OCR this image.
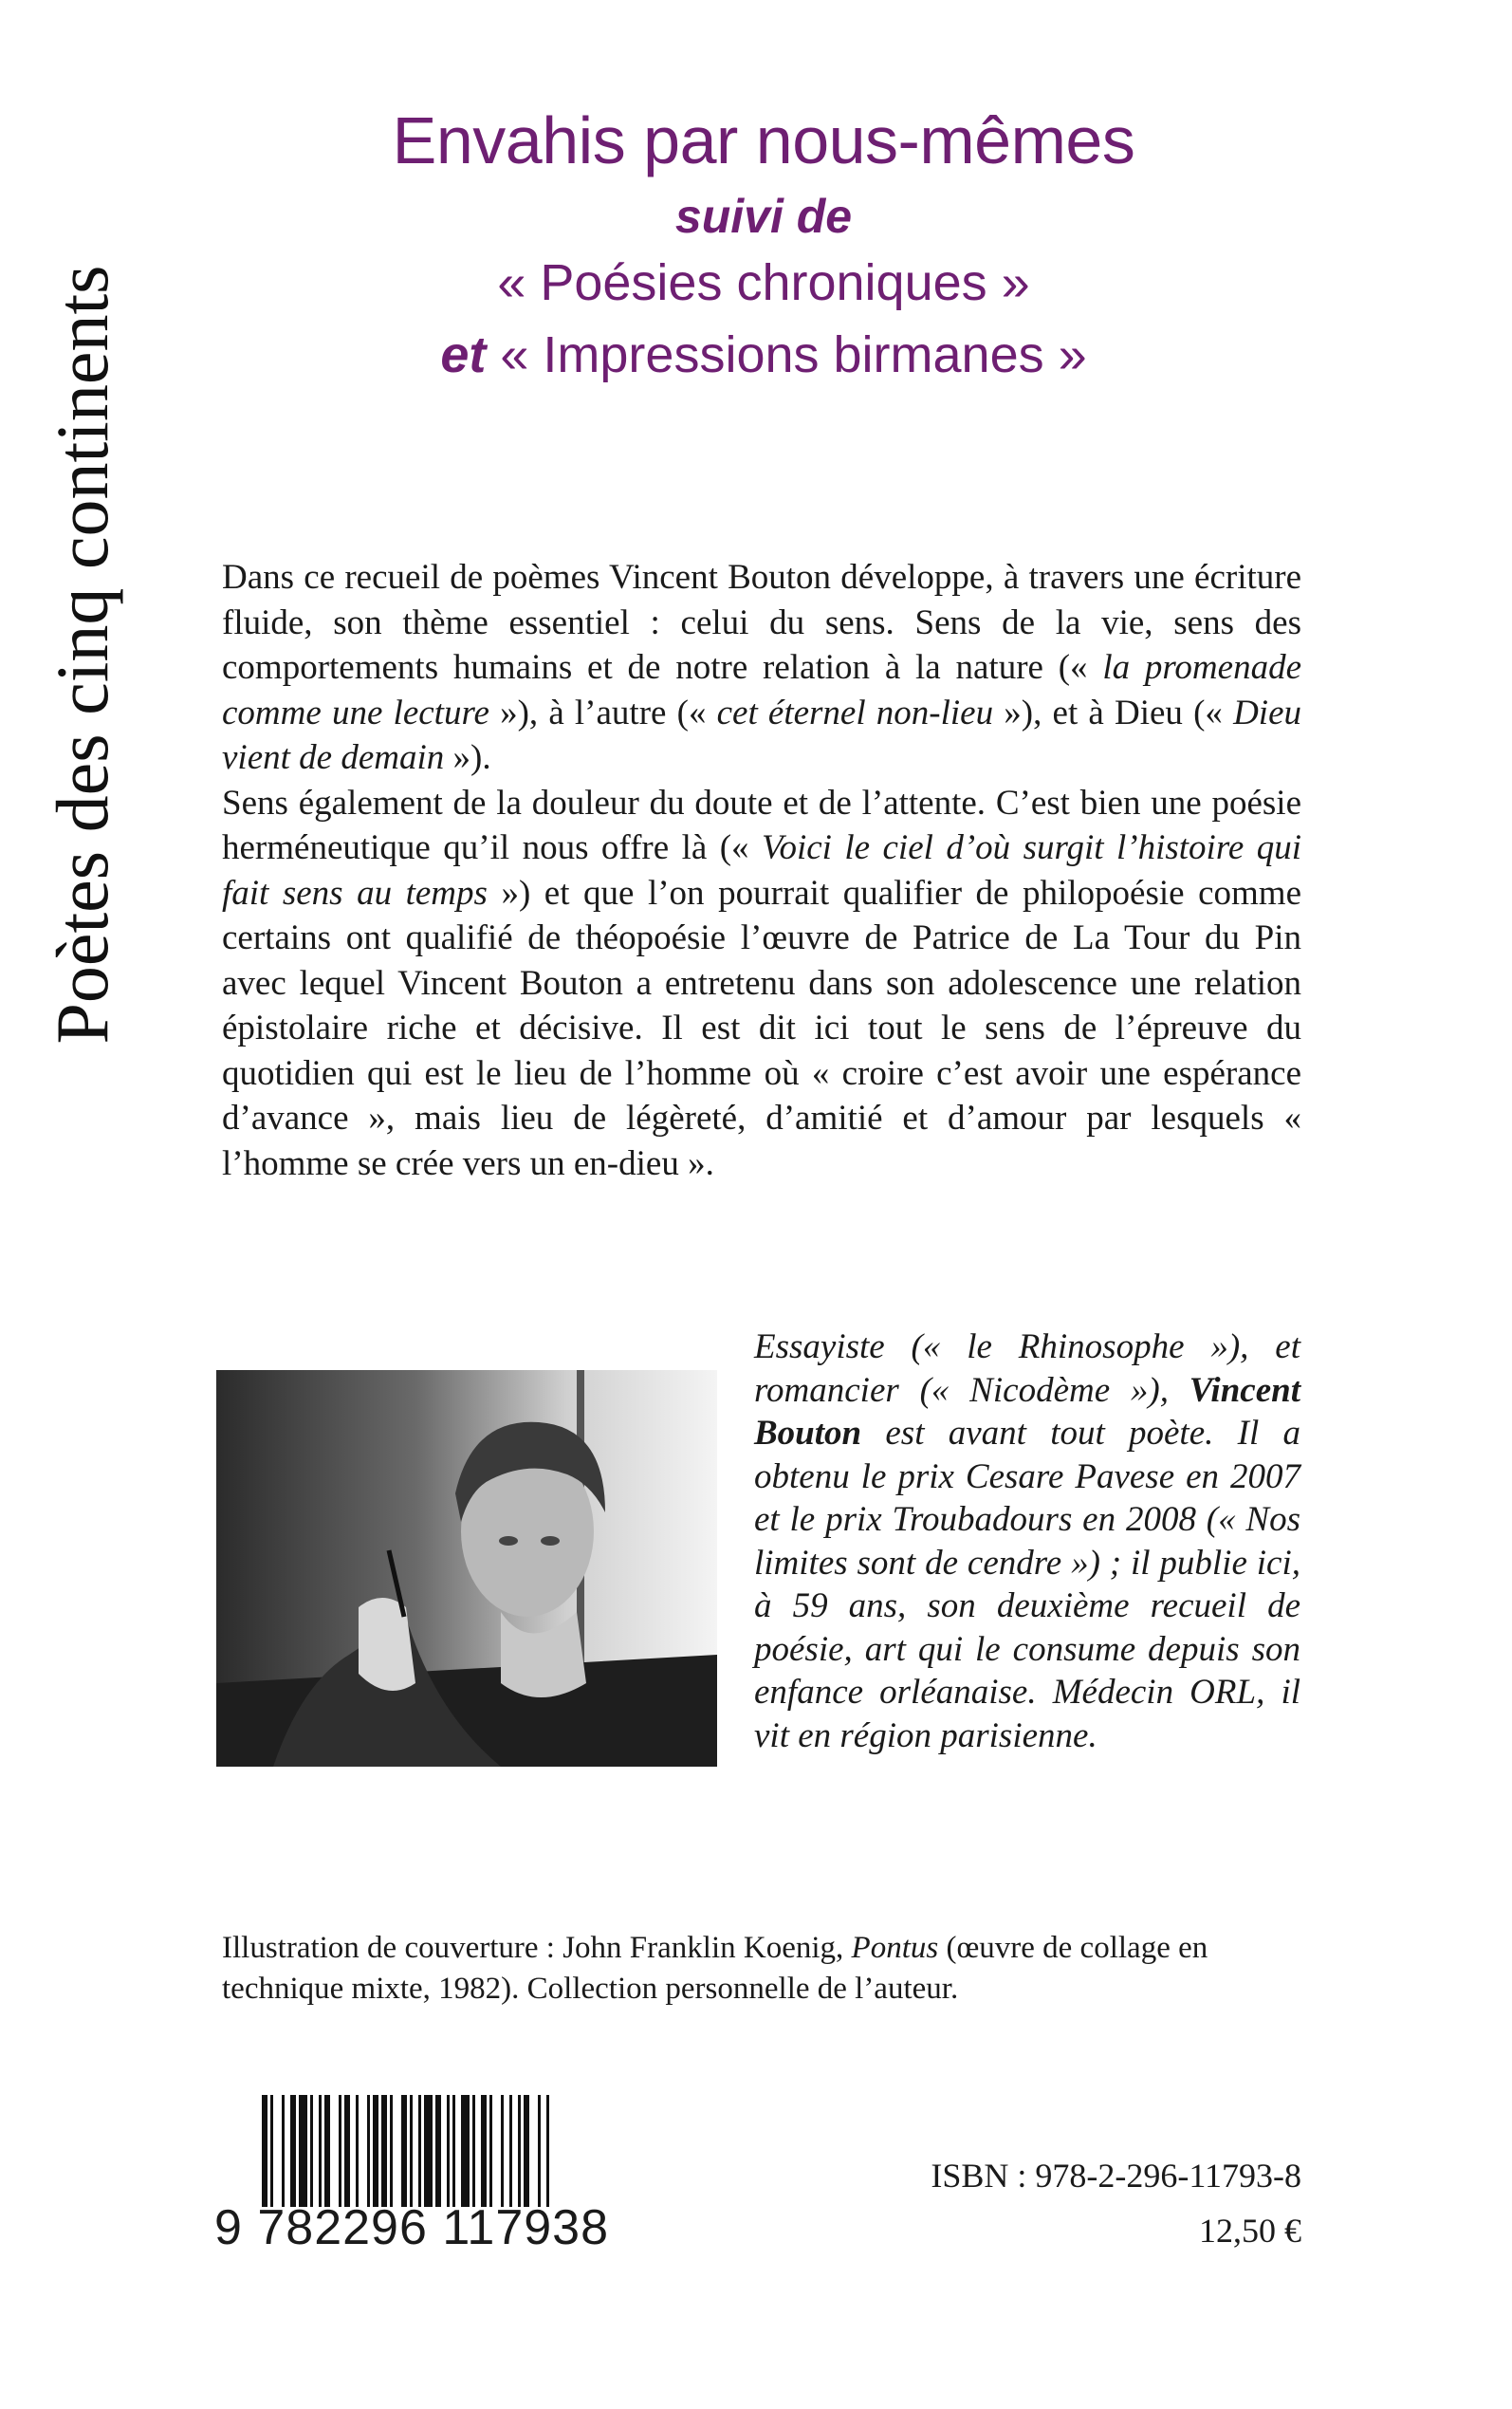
Poètes des cinq continents
Envahis par nous-mêmes
suivi de
« Poésies chroniques »
et « Impressions birmanes »

Dans ce recueil de poèmes Vincent Bouton développe, à travers une écriture fluide, son thème essentiel : celui du sens. Sens de la vie, sens des comportements humains et de notre relation à la nature (« la promenade comme une lecture »), à l’autre (« cet éternel non-lieu »), et à Dieu (« Dieu vient de demain »).

Sens également de la douleur du doute et de l’attente. C’est bien une poésie herméneutique qu’il nous offre là (« Voici le ciel d’où surgit l’histoire qui fait sens au temps ») et que l’on pourrait qualifier de philopoésie comme certains ont qualifié de théopoésie l’œuvre de Patrice de La Tour du Pin avec lequel Vincent Bouton a entretenu dans son adolescence une relation épistolaire riche et décisive. Il est dit ici tout le sens de l’épreuve du quotidien qui est le lieu de l’homme où « croire c’est avoir une espérance d’avance », mais lieu de légèreté, d’amitié et d’amour par lesquels « l’homme se crée vers un en-dieu ».

Essayiste (« le Rhinosophe »), et romancier (« Nicodème »), Vincent Bouton est avant tout poète. Il a obtenu le prix Cesare Pavese en 2007 et le prix Troubadours en 2008 (« Nos limites sont de cendre ») ; il publie ici, à 59 ans, son deuxième recueil de poésie, art qui le consume depuis son enfance orléanaise. Médecin ORL, il vit en région parisienne.
Illustration de couverture : John Franklin Koenig, Pontus (œuvre de collage en technique mixte, 1982). Collection personnelle de l’auteur.
9 782296 117938
ISBN : 978-2-296-11793-8
12,50 €
